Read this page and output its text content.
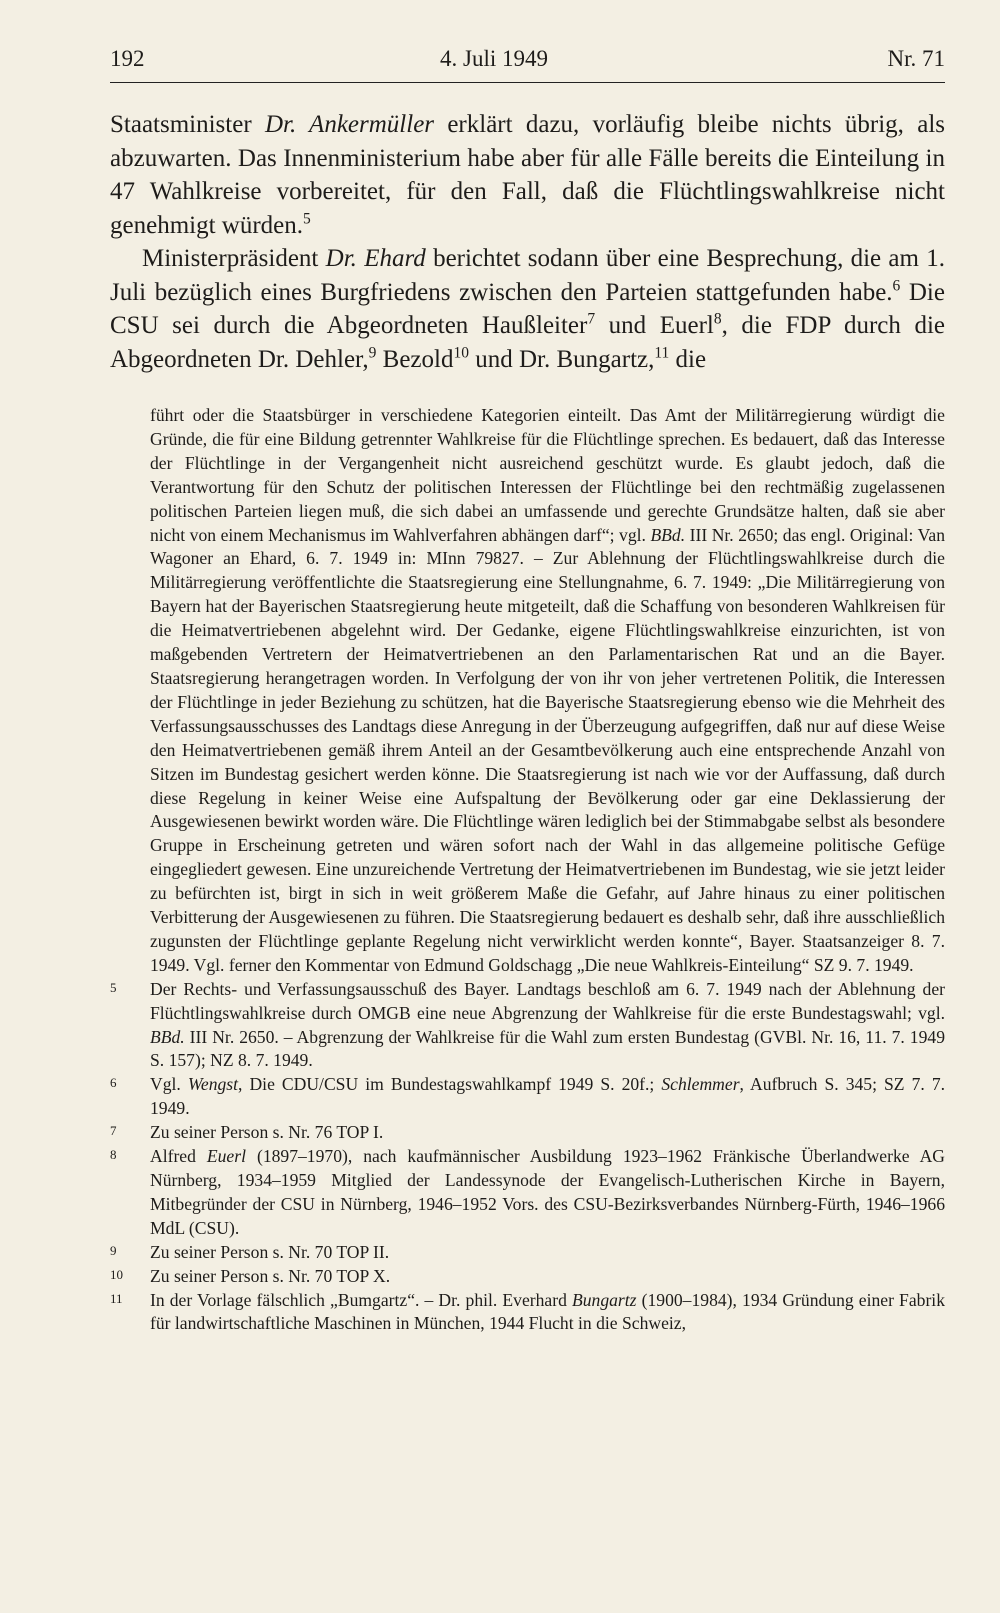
192	4. Juli 1949	Nr. 71

Staatsminister Dr. Ankermüller erklärt dazu, vorläufig bleibe nichts übrig, als abzuwarten. Das Innenministerium habe aber für alle Fälle bereits die Einteilung in 47 Wahlkreise vorbereitet, für den Fall, daß die Flüchtlingswahlkreise nicht genehmigt würden.$^5$

Ministerpräsident Dr. Ehard berichtet sodann über eine Besprechung, die am 1. Juli bezüglich eines Burgfriedens zwischen den Parteien stattgefunden habe.$^6$ Die CSU sei durch die Abgeordneten Haußleiter$^7$ und Euerl$^8$, die FDP durch die Abgeordneten Dr. Dehler,$^9$ Bezold$^{10}$ und Dr. Bungartz,$^{11}$ die

führt oder die Staatsbürger in verschiedene Kategorien einteilt. Das Amt der Militärregierung würdigt die Gründe, die für eine Bildung getrennter Wahlkreise für die Flüchtlinge sprechen. Es bedauert, daß das Interesse der Flüchtlinge in der Vergangenheit nicht ausreichend geschützt wurde. Es glaubt jedoch, daß die Verantwortung für den Schutz der politischen Interessen der Flüchtlinge bei den rechtmäßig zugelassenen politischen Parteien liegen muß, die sich dabei an umfassende und gerechte Grundsätze halten, daß sie aber nicht von einem Mechanismus im Wahlverfahren abhängen darf“; vgl. BBd. III Nr. 2650; das engl. Original: Van Wagoner an Ehard, 6. 7. 1949 in: MInn 79827. – Zur Ablehnung der Flüchtlingswahlkreise durch die Militärregierung veröffentlichte die Staatsregierung eine Stellungnahme, 6. 7. 1949: „Die Militärregierung von Bayern hat der Bayerischen Staatsregierung heute mitgeteilt, daß die Schaffung von besonderen Wahlkreisen für die Heimatvertriebenen abgelehnt wird. Der Gedanke, eigene Flüchtlingswahlkreise einzurichten, ist von maßgebenden Vertretern der Heimatvertriebenen an den Parlamentarischen Rat und an die Bayer. Staatsregierung herangetragen worden. In Verfolgung der von ihr von jeher vertretenen Politik, die Interessen der Flüchtlinge in jeder Beziehung zu schützen, hat die Bayerische Staatsregierung ebenso wie die Mehrheit des Verfassungsausschusses des Landtags diese Anregung in der Überzeugung aufgegriffen, daß nur auf diese Weise den Heimatvertriebenen gemäß ihrem Anteil an der Gesamtbevölkerung auch eine entsprechende Anzahl von Sitzen im Bundestag gesichert werden könne. Die Staatsregierung ist nach wie vor der Auffassung, daß durch diese Regelung in keiner Weise eine Aufspaltung der Bevölkerung oder gar eine Deklassierung der Ausgewiesenen bewirkt worden wäre. Die Flüchtlinge wären lediglich bei der Stimmabgabe selbst als besondere Gruppe in Erscheinung getreten und wären sofort nach der Wahl in das allgemeine politische Gefüge eingegliedert gewesen. Eine unzureichende Vertretung der Heimatvertriebenen im Bundestag, wie sie jetzt leider zu befürchten ist, birgt in sich in weit größerem Maße die Gefahr, auf Jahre hinaus zu einer politischen Verbitterung der Ausgewiesenen zu führen. Die Staatsregierung bedauert es deshalb sehr, daß ihre ausschließlich zugunsten der Flüchtlinge geplante Regelung nicht verwirklicht werden konnte“, Bayer. Staatsanzeiger 8. 7. 1949. Vgl. ferner den Kommentar von Edmund Goldschagg „Die neue Wahlkreis-Einteilung“ SZ 9. 7. 1949.

5 Der Rechts- und Verfassungsausschuß des Bayer. Landtags beschloß am 6. 7. 1949 nach der Ablehnung der Flüchtlingswahlkreise durch OMGB eine neue Abgrenzung der Wahlkreise für die erste Bundestagswahl; vgl. BBd. III Nr. 2650. – Abgrenzung der Wahlkreise für die Wahl zum ersten Bundestag (GVBl. Nr. 16, 11. 7. 1949 S. 157); NZ 8. 7. 1949.

6 Vgl. Wengst, Die CDU/CSU im Bundestagswahlkampf 1949 S. 20f.; Schlemmer, Aufbruch S. 345; SZ 7. 7. 1949.

7 Zu seiner Person s. Nr. 76 TOP I.

8 Alfred Euerl (1897–1970), nach kaufmännischer Ausbildung 1923–1962 Fränkische Überlandwerke AG Nürnberg, 1934–1959 Mitglied der Landessynode der Evangelisch-Lutherischen Kirche in Bayern, Mitbegründer der CSU in Nürnberg, 1946–1952 Vors. des CSU-Bezirksverbandes Nürnberg-Fürth, 1946–1966 MdL (CSU).

9 Zu seiner Person s. Nr. 70 TOP II.

10 Zu seiner Person s. Nr. 70 TOP X.

11 In der Vorlage fälschlich „Bumgartz“. – Dr. phil. Everhard Bungartz (1900–1984), 1934 Gründung einer Fabrik für landwirtschaftliche Maschinen in München, 1944 Flucht in die Schweiz,
